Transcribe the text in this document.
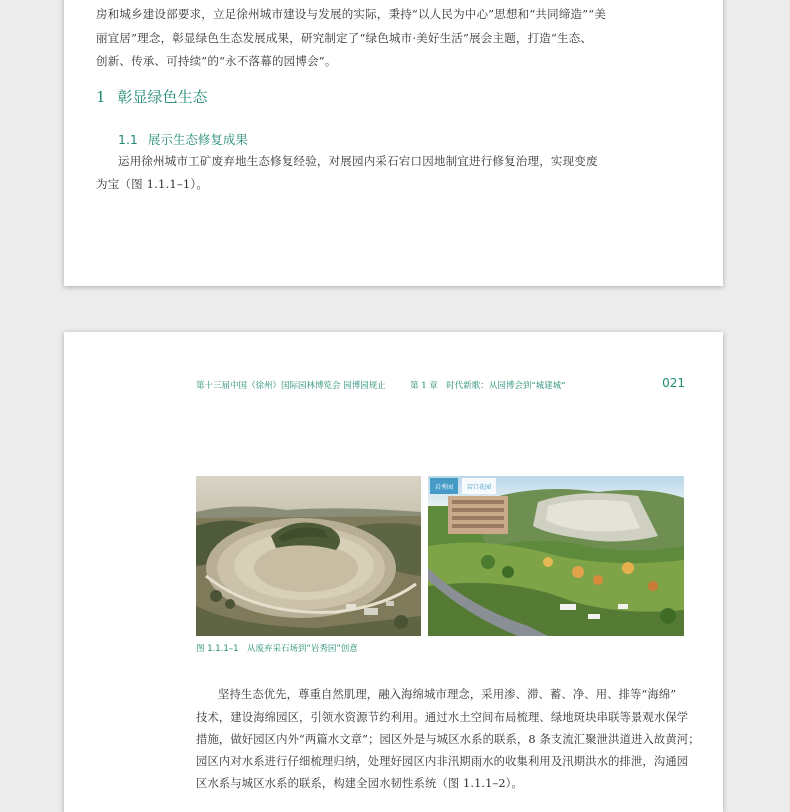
房和城乡建设部要求，立足徐州城市建设与发展的实际，秉持“以人民为中心”思想和“共同缔造”“美
丽宜居”理念，彰显绿色生态发展成果，研究制定了“绿色城市·美好生活”展会主题，打造“生态、
创新、传承、可持续”的“永不落幕的园博会”。
1 彰显绿色生态
1.1 展示生态修复成果
运用徐州城市工矿废弃地生态修复经验，对展园内采石宕口因地制宜进行修复治理，实现变废
为宝（图 1.1.1–1）。
第十三届中国（徐州）国际园林博览会 园博园规止	第 1 章　时代新歌：从园博会到“城建城”	021
岩秀园 宕口花园
图 1.1.1–1　从废弃采石场到“岩秀园”创意
坚持生态优先，尊重自然肌理，融入海绵城市理念，采用渗、滞、蓄、净、用、排等“海绵”
技术，建设海绵园区，引领水资源节约利用。通过水土空间布局梳理、绿地斑块串联等景观水保学
措施，做好园区内外“两篇水文章”；园区外是与城区水系的联系，8 条支流汇聚泄洪道进入故黄河；
园区内对水系进行仔细梳理归纳，处理好园区内非汛期雨水的收集利用及汛期洪水的排泄，沟通园
区水系与城区水系的联系，构建全园水韧性系统（图 1.1.1–2）。
